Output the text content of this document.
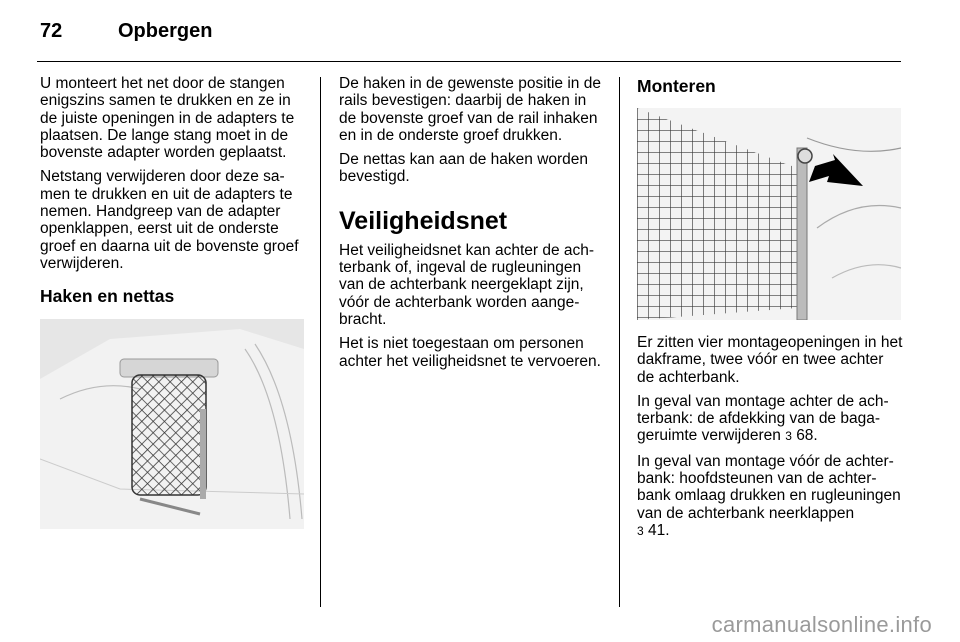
72	Opbergen

U monteert het net door de stangen enigszins samen te drukken en ze in de juiste openingen in de adapters te plaatsen. De lange stang moet in de bovenste adapter worden geplaatst.

Netstang verwijderen door deze samen te drukken en uit de adapters te nemen. Handgreep van de adapter openklappen, eerst uit de onderste groef en daarna uit de bovenste groef verwijderen.

Haken en nettas

De haken in de gewenste positie in de rails bevestigen: daarbij de haken in de bovenste groef van de rail inhaken en in de onderste groef drukken.

De nettas kan aan de haken worden bevestigd.

Veiligheidsnet

Het veiligheidsnet kan achter de achterbank of, ingeval de rugleuningen van de achterbank neergeklapt zijn, vóór de achterbank worden aangebracht.

Het is niet toegestaan om personen achter het veiligheidsnet te vervoeren.

Monteren

Er zitten vier montageopeningen in het dakframe, twee vóór en twee achter de achterbank.

In geval van montage achter de achterbank: de afdekking van de bagageruimte verwijderen 3 68.

In geval van montage vóór de achterbank: hoofdsteunen van de achterbank omlaag drukken en rugleuningen van de achterbank neerklappen
3 41.

carmanualsonline.info
